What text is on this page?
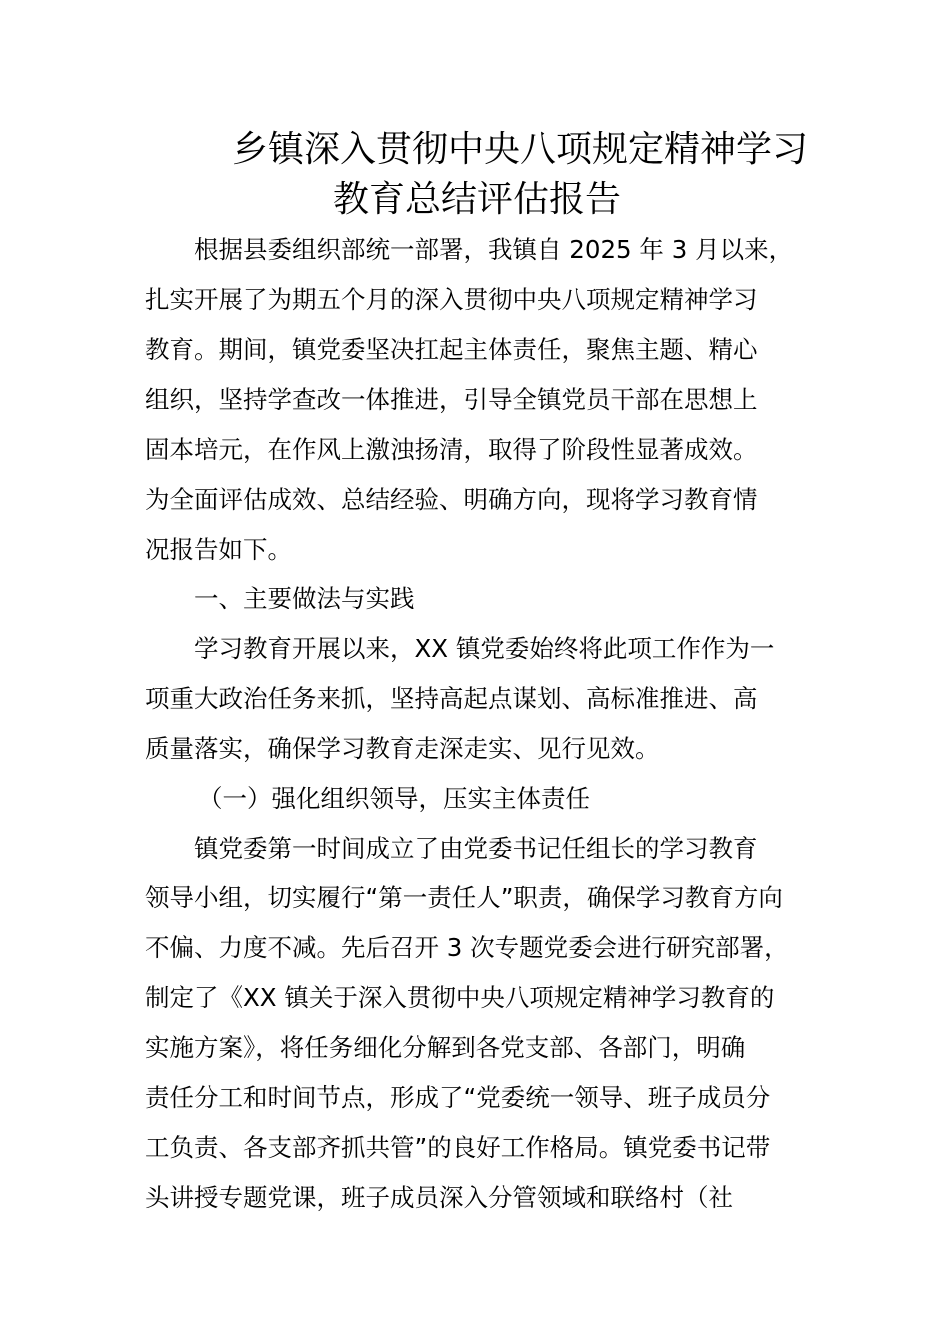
乡镇深入贯彻中央八项规定精神学习
教育总结评估报告
根据县委组织部统一部署，我镇自 2025 年 3 月以来，
扎实开展了为期五个月的深入贯彻中央八项规定精神学习
教育。期间，镇党委坚决扛起主体责任，聚焦主题、精心
组织，坚持学查改一体推进，引导全镇党员干部在思想上
固本培元，在作风上激浊扬清，取得了阶段性显著成效。
为全面评估成效、总结经验、明确方向，现将学习教育情
况报告如下。
一、主要做法与实践
学习教育开展以来，XX 镇党委始终将此项工作作为一
项重大政治任务来抓，坚持高起点谋划、高标准推进、高
质量落实，确保学习教育走深走实、见行见效。
（一）强化组织领导，压实主体责任
镇党委第一时间成立了由党委书记任组长的学习教育
领导小组，切实履行“第一责任人”职责，确保学习教育方向
不偏、力度不减。先后召开 3 次专题党委会进行研究部署，
制定了《XX 镇关于深入贯彻中央八项规定精神学习教育的
实施方案》，将任务细化分解到各党支部、各部门，明确
责任分工和时间节点，形成了“党委统一领导、班子成员分
工负责、各支部齐抓共管”的良好工作格局。镇党委书记带
头讲授专题党课，班子成员深入分管领域和联络村（社
